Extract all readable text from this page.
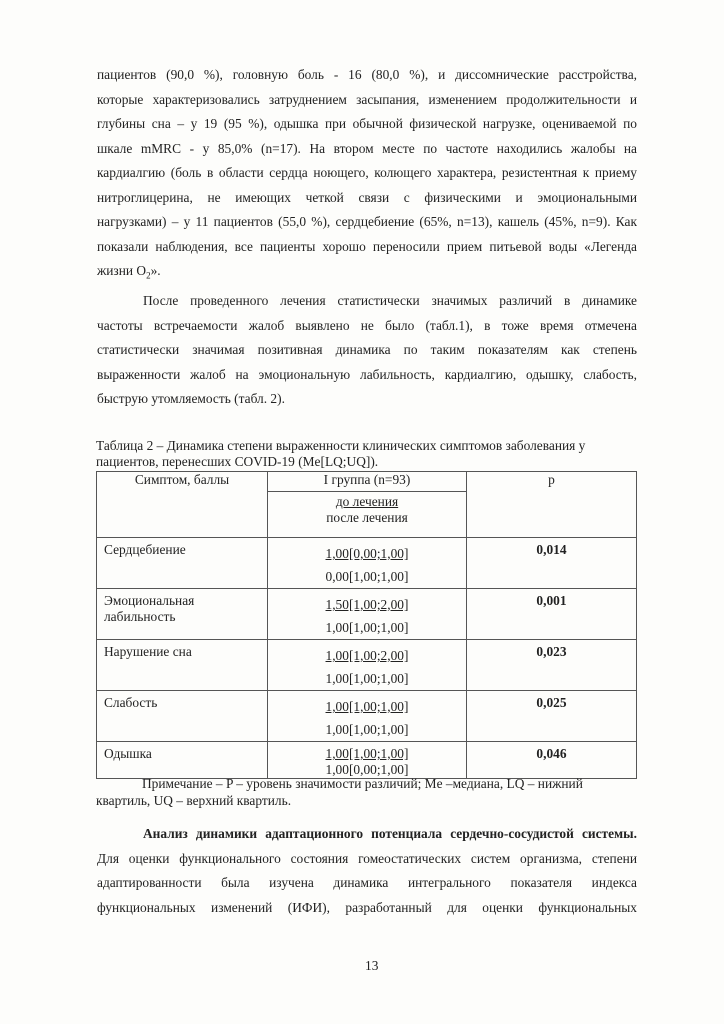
пациентов (90,0 %), головную боль - 16 (80,0 %), и диссомнические расстройства,
которые характеризовались затруднением засыпания, изменением продолжительности и
глубины сна – у 19 (95 %), одышка при обычной физической нагрузке, оцениваемой по
шкале mMRC - у 85,0% (n=17). На втором месте по частоте находились жалобы на
кардиалгию (боль в области сердца ноющего, колющего характера, резистентная к приему
нитроглицерина, не имеющих четкой связи с физическими и эмоциональными
нагрузками) – у 11 пациентов (55,0 %), сердцебиение (65%, n=13), кашель (45%, n=9). Как
показали наблюдения, все пациенты хорошо переносили прием питьевой воды «Легенда
жизни $O_2$».
После проведенного лечения статистически значимых различий в динамике
частоты встречаемости жалоб выявлено не было (табл.1), в тоже время отмечена
статистически значимая позитивная динамика по таким показателям как степень
выраженности жалоб на эмоциональную лабильность, кардиалгию, одышку, слабость,
быструю утомляемость (табл. 2).
Таблица 2 – Динамика степени выраженности клинических симптомов заболевания у
пациентов, перенесших COVID-19 (Me[LQ;UQ]).
Симптом, баллы	I группа (n=93)	p

	до лечения
после лечения	

Сердцебиение	1,00[0,00;1,00]
0,00[1,00;1,00]	0,014
Эмоциональная лабильность	1,50[1,00;2,00]
1,00[1,00;1,00]	0,001
Нарушение сна	1,00[1,00;2,00]
1,00[1,00;1,00]	0,023
Слабость	1,00[1,00;1,00]
1,00[1,00;1,00]	0,025
Одышка	1,00[1,00;1,00]
1,00[0,00;1,00]	0,046
Примечание – P – уровень значимости различий; Me –медиана, LQ – нижний
квартиль, UQ – верхний квартиль.
Анализ динамики адаптационного потенциала сердечно-сосудистой системы.
Для оценки функционального состояния гомеостатических систем организма, степени
адаптированности была изучена динамика интегрального показателя индекса
функциональных изменений (ИФИ), разработанный для оценки функциональных
13
